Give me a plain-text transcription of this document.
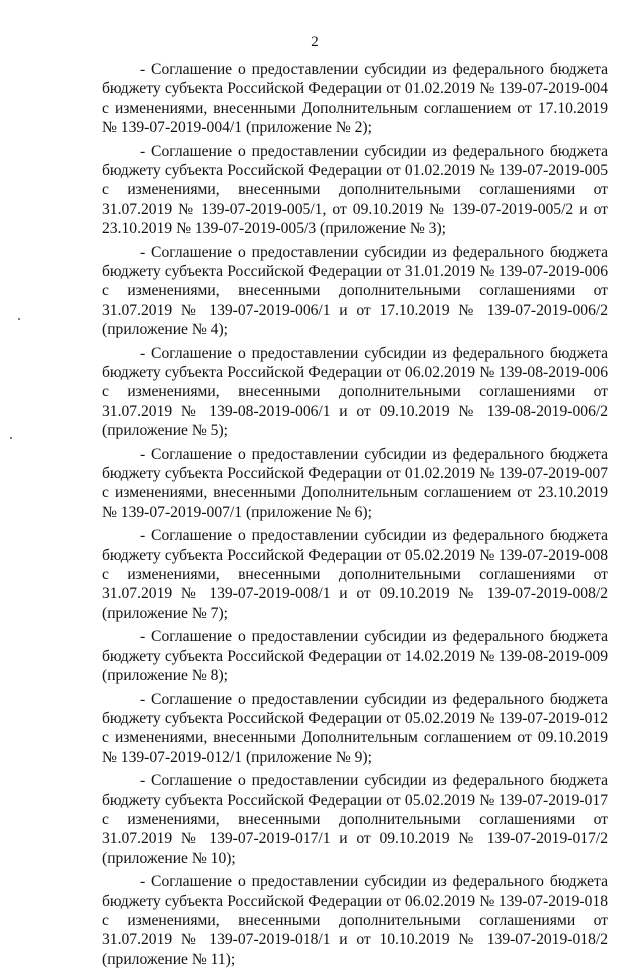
2

- Соглашение о предоставлении субсидии из федерального бюджета бюджету субъекта Российской Федерации от 01.02.2019 № 139-07-2019-004 с изменениями, внесенными Дополнительным соглашением от 17.10.2019 № 139-07-2019-004/1 (приложение № 2);

- Соглашение о предоставлении субсидии из федерального бюджета бюджету субъекта Российской Федерации от 01.02.2019 № 139-07-2019-005 с изменениями, внесенными дополнительными соглашениями от 31.07.2019 № 139-07-2019-005/1, от 09.10.2019 № 139-07-2019-005/2 и от 23.10.2019 № 139-07-2019-005/3 (приложение № 3);

- Соглашение о предоставлении субсидии из федерального бюджета бюджету субъекта Российской Федерации от 31.01.2019 № 139-07-2019-006 с изменениями, внесенными дополнительными соглашениями от 31.07.2019 № 139-07-2019-006/1 и от 17.10.2019 № 139-07-2019-006/2 (приложение № 4);

- Соглашение о предоставлении субсидии из федерального бюджета бюджету субъекта Российской Федерации от 06.02.2019 № 139-08-2019-006 с изменениями, внесенными дополнительными соглашениями от 31.07.2019 № 139-08-2019-006/1 и от 09.10.2019 № 139-08-2019-006/2 (приложение № 5);

- Соглашение о предоставлении субсидии из федерального бюджета бюджету субъекта Российской Федерации от 01.02.2019 № 139-07-2019-007 с изменениями, внесенными Дополнительным соглашением от 23.10.2019 № 139-07-2019-007/1 (приложение № 6);

- Соглашение о предоставлении субсидии из федерального бюджета бюджету субъекта Российской Федерации от 05.02.2019 № 139-07-2019-008 с изменениями, внесенными дополнительными соглашениями от 31.07.2019 № 139-07-2019-008/1 и от 09.10.2019 № 139-07-2019-008/2 (приложение № 7);

- Соглашение о предоставлении субсидии из федерального бюджета бюджету субъекта Российской Федерации от 14.02.2019 № 139-08-2019-009 (приложение № 8);

- Соглашение о предоставлении субсидии из федерального бюджета бюджету субъекта Российской Федерации от 05.02.2019 № 139-07-2019-012 с изменениями, внесенными Дополнительным соглашением от 09.10.2019 № 139-07-2019-012/1 (приложение № 9);

- Соглашение о предоставлении субсидии из федерального бюджета бюджету субъекта Российской Федерации от 05.02.2019 № 139-07-2019-017 с изменениями, внесенными дополнительными соглашениями от 31.07.2019 № 139-07-2019-017/1 и от 09.10.2019 № 139-07-2019-017/2 (приложение № 10);

- Соглашение о предоставлении субсидии из федерального бюджета бюджету субъекта Российской Федерации от 06.02.2019 № 139-07-2019-018 с изменениями, внесенными дополнительными соглашениями от 31.07.2019 № 139-07-2019-018/1 и от 10.10.2019 № 139-07-2019-018/2 (приложение № 11);
